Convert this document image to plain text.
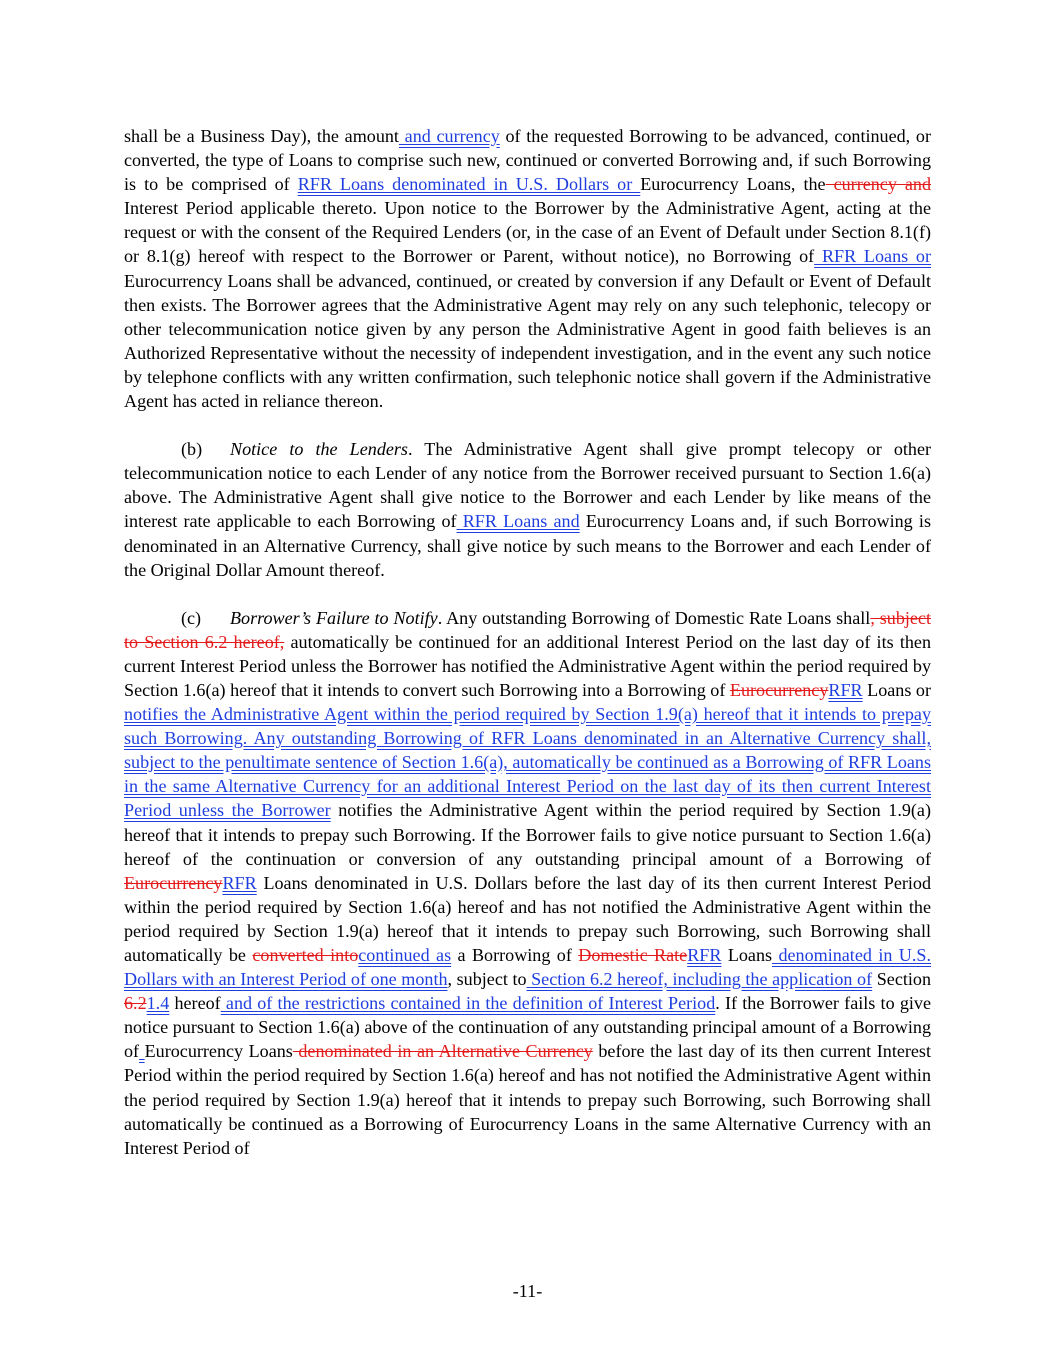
shall be a Business Day), the amount and currency of the requested Borrowing to be advanced, continued, or converted, the type of Loans to comprise such new, continued or converted Borrowing and, if such Borrowing is to be comprised of RFR Loans denominated in U.S. Dollars or Eurocurrency Loans, the currency and Interest Period applicable thereto. Upon notice to the Borrower by the Administrative Agent, acting at the request or with the consent of the Required Lenders (or, in the case of an Event of Default under Section 8.1(f) or 8.1(g) hereof with respect to the Borrower or Parent, without notice), no Borrowing of RFR Loans or Eurocurrency Loans shall be advanced, continued, or created by conversion if any Default or Event of Default then exists. The Borrower agrees that the Administrative Agent may rely on any such telephonic, telecopy or other telecommunication notice given by any person the Administrative Agent in good faith believes is an Authorized Representative without the necessity of independent investigation, and in the event any such notice by telephone conflicts with any written confirmation, such telephonic notice shall govern if the Administrative Agent has acted in reliance thereon.

(b) Notice to the Lenders. The Administrative Agent shall give prompt telecopy or other telecommunication notice to each Lender of any notice from the Borrower received pursuant to Section 1.6(a) above. The Administrative Agent shall give notice to the Borrower and each Lender by like means of the interest rate applicable to each Borrowing of RFR Loans and Eurocurrency Loans and, if such Borrowing is denominated in an Alternative Currency, shall give notice by such means to the Borrower and each Lender of the Original Dollar Amount thereof.

(c) Borrower’s Failure to Notify. Any outstanding Borrowing of Domestic Rate Loans shall, subject to Section 6.2 hereof, automatically be continued for an additional Interest Period on the last day of its then current Interest Period unless the Borrower has notified the Administrative Agent within the period required by Section 1.6(a) hereof that it intends to convert such Borrowing into a Borrowing of EurocurrencyRFR Loans or notifies the Administrative Agent within the period required by Section 1.9(a) hereof that it intends to prepay such Borrowing. Any outstanding Borrowing of RFR Loans denominated in an Alternative Currency shall, subject to the penultimate sentence of Section 1.6(a), automatically be continued as a Borrowing of RFR Loans in the same Alternative Currency for an additional Interest Period on the last day of its then current Interest Period unless the Borrower notifies the Administrative Agent within the period required by Section 1.9(a) hereof that it intends to prepay such Borrowing. If the Borrower fails to give notice pursuant to Section 1.6(a) hereof of the continuation or conversion of any outstanding principal amount of a Borrowing of EurocurrencyRFR Loans denominated in U.S. Dollars before the last day of its then current Interest Period within the period required by Section 1.6(a) hereof and has not notified the Administrative Agent within the period required by Section 1.9(a) hereof that it intends to prepay such Borrowing, such Borrowing shall automatically be converted intocontinued as a Borrowing of Domestic RateRFR Loans denominated in U.S. Dollars with an Interest Period of one month, subject to Section 6.2 hereof, including the application of Section 6.21.4 hereof and of the restrictions contained in the definition of Interest Period. If the Borrower fails to give notice pursuant to Section 1.6(a) above of the continuation of any outstanding principal amount of a Borrowing of Eurocurrency Loans denominated in an Alternative Currency before the last day of its then current Interest Period within the period required by Section 1.6(a) hereof and has not notified the Administrative Agent within the period required by Section 1.9(a) hereof that it intends to prepay such Borrowing, such Borrowing shall automatically be continued as a Borrowing of Eurocurrency Loans in the same Alternative Currency with an Interest Period of

-11-
